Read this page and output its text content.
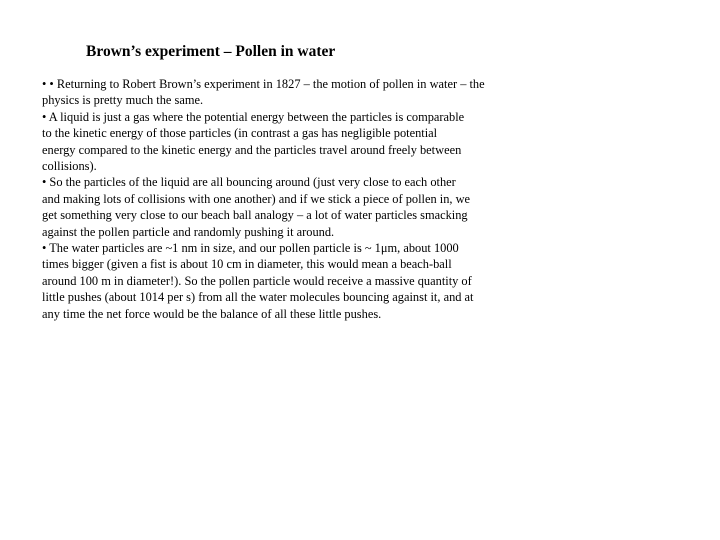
Brown’s experiment – Pollen in water
• • Returning to Robert Brown’s experiment in 1827 – the motion of pollen in water – the
physics is pretty much the same.
• A liquid is just a gas where the potential energy between the particles is comparable
to the kinetic energy of those particles (in contrast a gas has negligible potential
energy compared to the kinetic energy and the particles travel around freely between
collisions).
• So the particles of the liquid are all bouncing around (just very close to each other
and making lots of collisions with one another) and if we stick a piece of pollen in, we
get something very close to our beach ball analogy – a lot of water particles smacking
against the pollen particle and randomly pushing it around.
• The water particles are ~1 nm in size, and our pollen particle is ~ 1μm, about 1000
times bigger (given a fist is about 10 cm in diameter, this would mean a beach-ball
around 100 m in diameter!). So the pollen particle would receive a massive quantity of
little pushes (about 1014 per s) from all the water molecules bouncing against it, and at
any time the net force would be the balance of all these little pushes.
